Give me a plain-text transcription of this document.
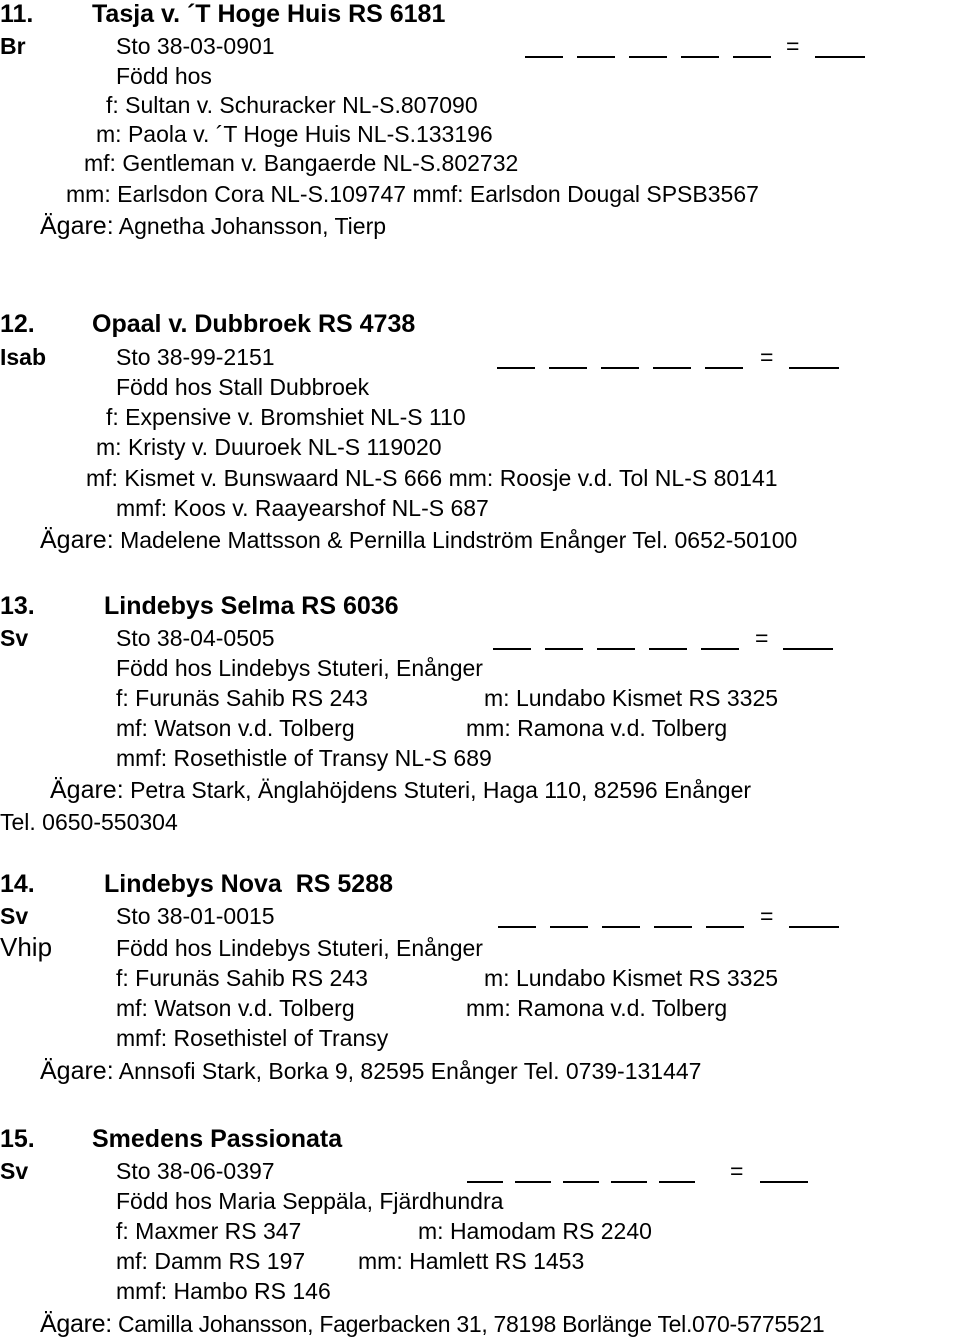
11. Tasja v. ´T Hoge Huis RS 6181
Br	Sto 38-03-0901	=
Född hos
f: Sultan v. Schuracker NL-S.807090
m: Paola v. ´T Hoge Huis NL-S.133196
mf: Gentleman v. Bangaerde NL-S.802732
mm: Earlsdon Cora NL-S.109747 mmf: Earlsdon Dougal SPSB3567
Ägare: Agnetha Johansson, Tierp
12. Opaal v. Dubbroek RS 4738
Isab	Sto 38-99-2151	=
Född hos Stall Dubbroek
f: Expensive v. Bromshiet NL-S 110
m: Kristy v. Duuroek NL-S 119020
mf: Kismet v. Bunswaard NL-S 666 mm: Roosje v.d. Tol NL-S 80141
mmf: Koos v. Raayearshof NL-S 687
Ägare: Madelene Mattsson & Pernilla Lindström Enånger Tel. 0652-50100
13.	Lindebys Selma RS 6036
Sv	Sto 38-04-0505	=
Född hos Lindebys Stuteri, Enånger
f: Furunäs Sahib RS 243	m: Lundabo Kismet RS 3325
mf: Watson v.d. Tolberg	mm: Ramona v.d. Tolberg
mmf: Rosethistle of Transy NL-S 689
Ägare: Petra Stark, Änglahöjdens Stuteri, Haga 110, 82596 Enånger
Tel. 0650-550304
14.	Lindebys Nova  RS 5288
Sv	Sto 38-01-0015	=
Vhip	Född hos Lindebys Stuteri, Enånger
f: Furunäs Sahib RS 243	m: Lundabo Kismet RS 3325
mf: Watson v.d. Tolberg	mm: Ramona v.d. Tolberg
mmf: Rosethistel of Transy
Ägare: Annsofi Stark, Borka 9, 82595 Enånger Tel. 0739-131447
15. Smedens Passionata
Sv	Sto 38-06-0397	=
Född hos Maria Seppäla, Fjärdhundra
f: Maxmer RS 347	m: Hamodam RS 2240
mf: Damm RS 197 mm: Hamlett RS 1453
mmf: Hambo RS 146
Ägare: Camilla Johansson, Fagerbacken 31, 78198 Borlänge Tel.070-5775521
